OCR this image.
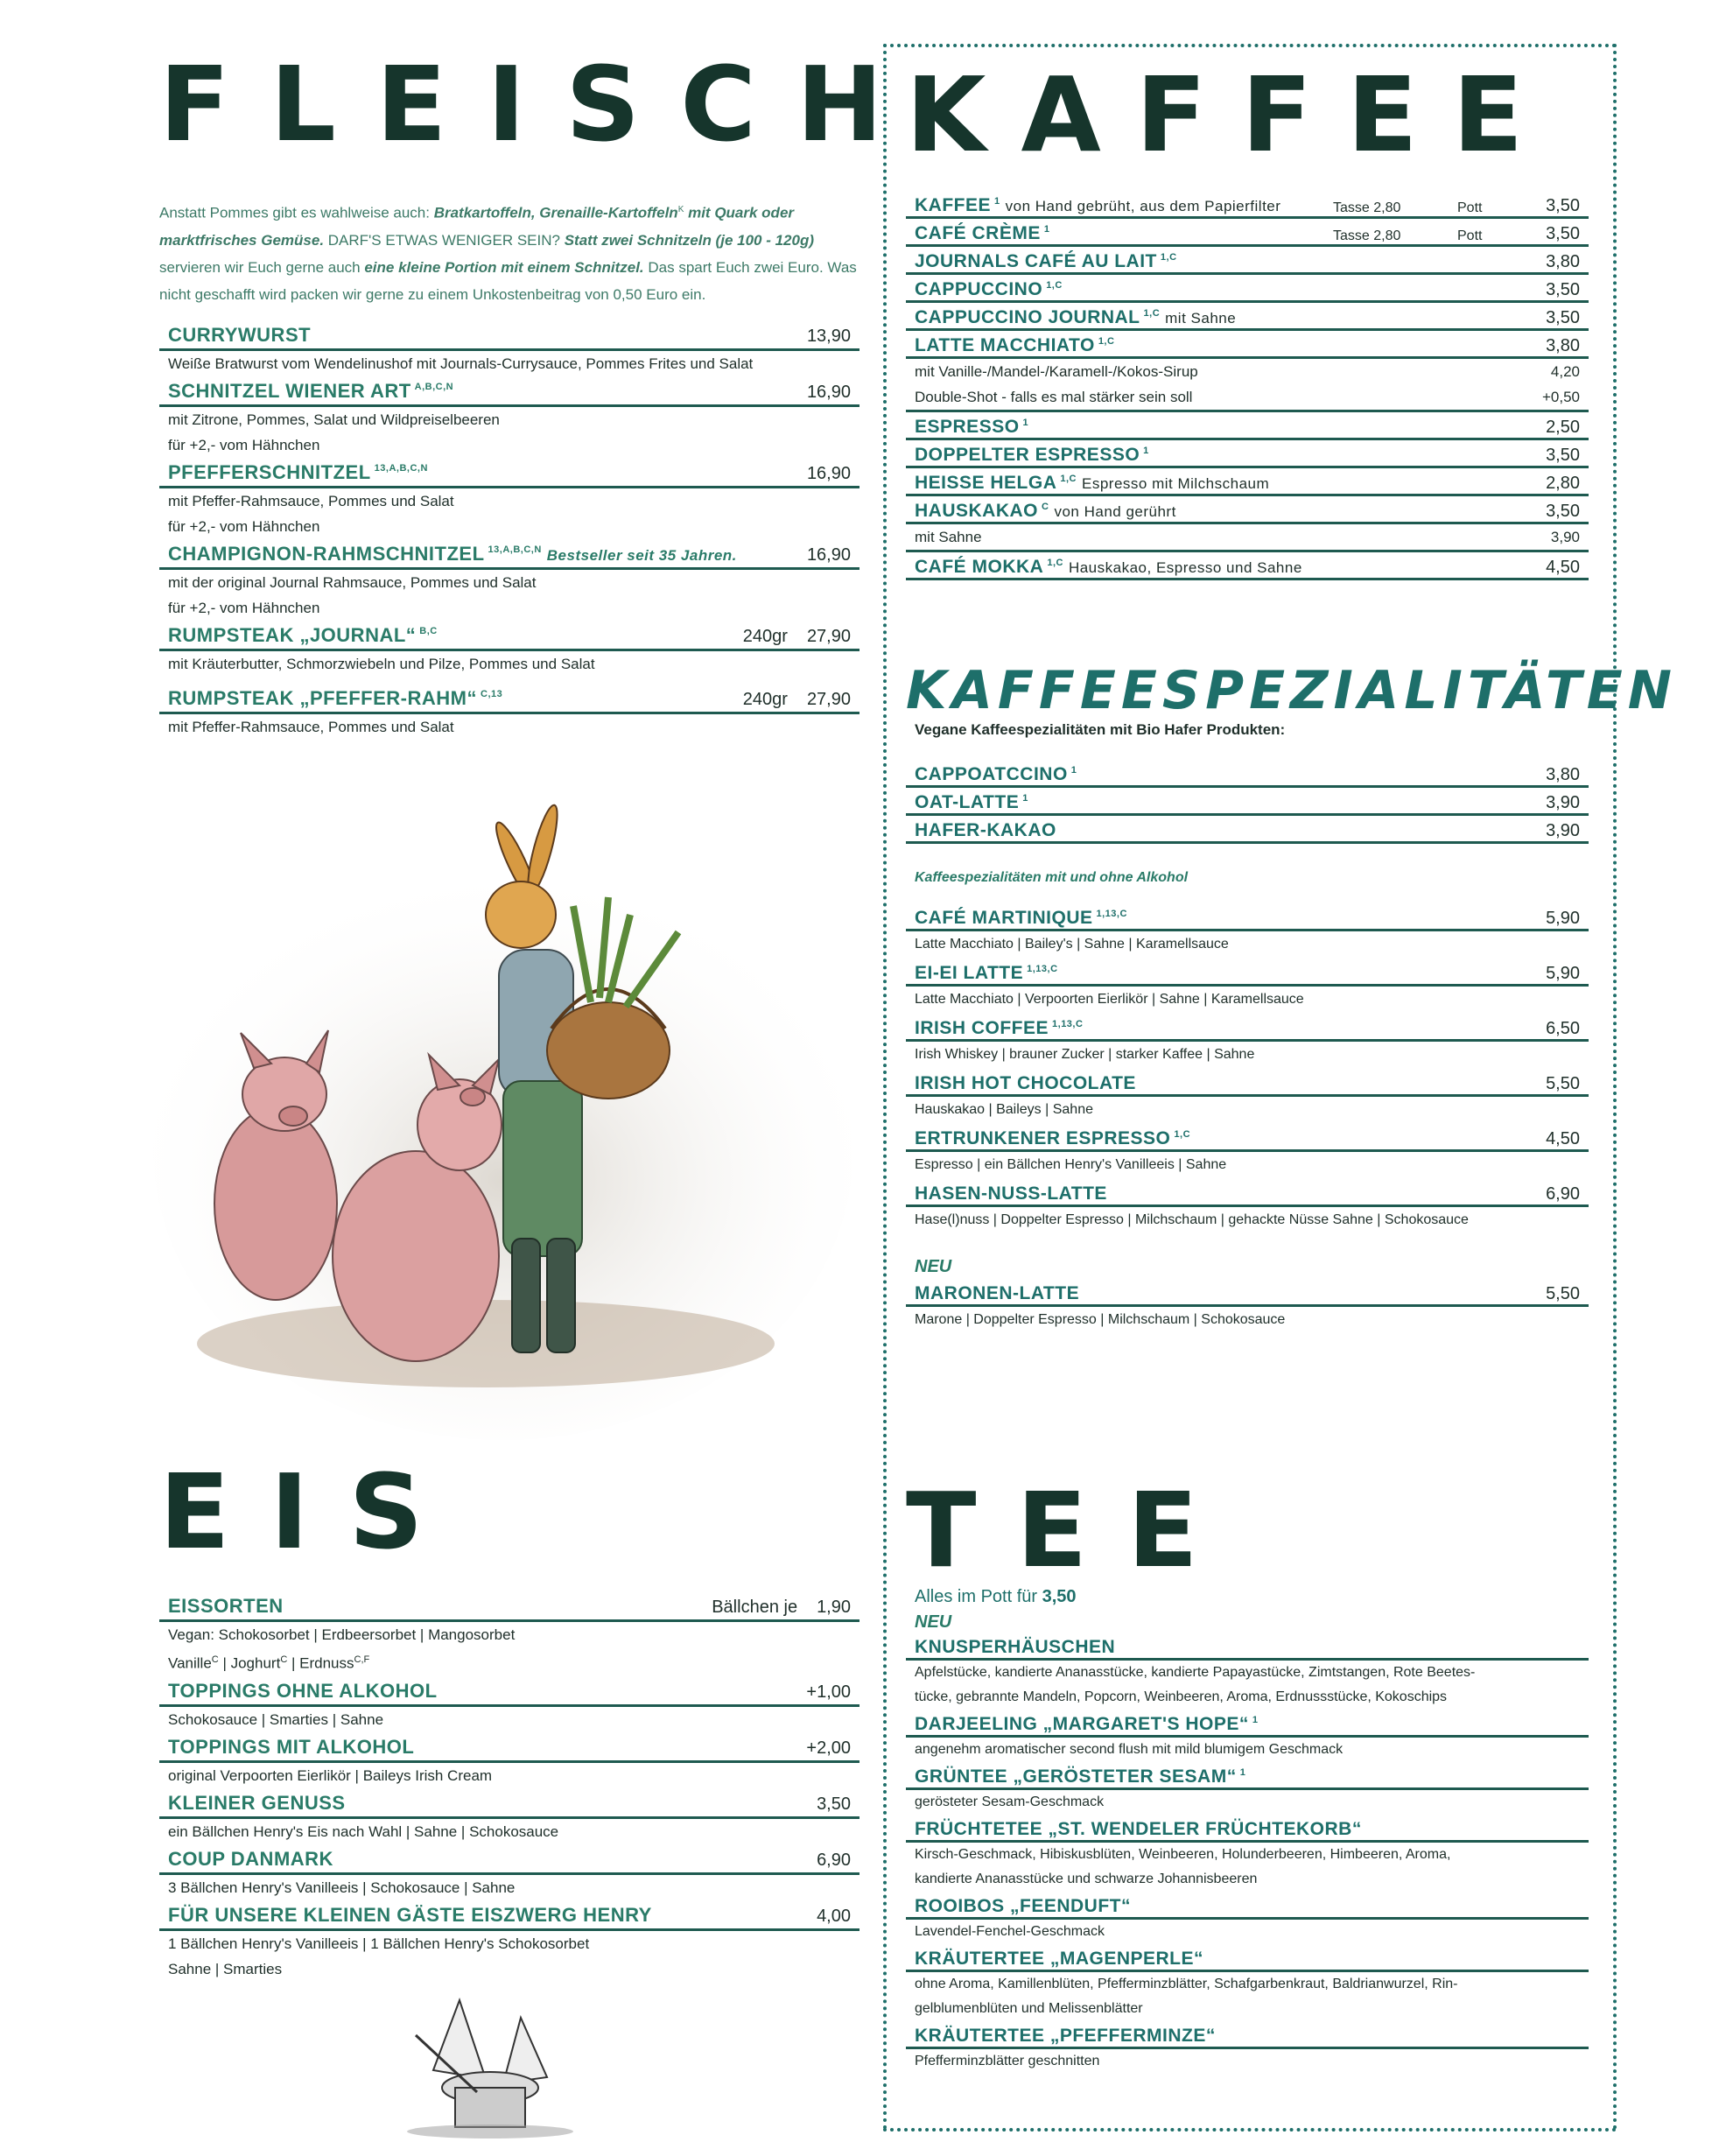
FLEISCH

Anstatt Pommes gibt es wahlweise auch: Bratkartoffeln, Grenaille-Kartoffeln$^K$ mit Quark oder marktfrisches Gemüse. DARF'S ETWAS WENIGER SEIN? Statt zwei Schnitzeln (je 100 - 120g) servieren wir Euch gerne auch eine kleine Portion mit einem Schnitzel. Das spart Euch zwei Euro. Was nicht geschafft wird packen wir gerne zu einem Unkostenbeitrag von 0,50 Euro ein.

CURRYWURST	13,90
Weiße Bratwurst vom Wendelinushof mit Journals-Currysauce, Pommes Frites und Salat
SCHNITZEL WIENER ART $^{A,B,C,N}$	16,90
mit Zitrone, Pommes, Salat und Wildpreiselbeeren
für +2,- vom Hähnchen
PFEFFERSCHNITZEL $^{13,A,B,C,N}$	16,90
mit Pfeffer-Rahmsauce, Pommes und Salat
für +2,- vom Hähnchen
CHAMPIGNON-RAHMSCHNITZEL $^{13,A,B,C,N}$ Bestseller seit 35 Jahren.	16,90
mit der original Journal Rahmsauce, Pommes und Salat
für +2,- vom Hähnchen
RUMPSTEAK „JOURNAL“ $^{B,C}$	240gr 27,90
mit Kräuterbutter, Schmorzwiebeln und Pilze, Pommes und Salat
RUMPSTEAK „PFEFFER-RAHM“ $^{C,13}$	240gr 27,90
mit Pfeffer-Rahmsauce, Pommes und Salat
EIS
EISSORTEN	Bällchen je 1,90
Vegan: Schokosorbet | Erdbeersorbet | Mangosorbet
Vanille$^C$ | Joghurt$^C$ | Erdnuss$^{C,F}$
TOPPINGS OHNE ALKOHOL	+1,00
Schokosauce | Smarties | Sahne
TOPPINGS MIT ALKOHOL	+2,00
original Verpoorten Eierlikör | Baileys Irish Cream
KLEINER GENUSS	3,50
ein Bällchen Henry's Eis nach Wahl | Sahne | Schokosauce
COUP DANMARK	6,90
3 Bällchen Henry's Vanilleeis | Schokosauce | Sahne
FÜR UNSERE KLEINEN GÄSTE EISZWERG HENRY	4,00
1 Bällchen Henry's Vanilleeis | 1 Bällchen Henry's Schokosorbet
Sahne | Smarties
KAFFEE
KAFFEE $^1$ von Hand gebrüht, aus dem Papierfilter	Tasse 2,80	Pott	3,50
CAFÉ CRÈME $^1$	Tasse 2,80	Pott	3,50
JOURNALS CAFÉ AU LAIT $^{1,C}$	3,80
CAPPUCCINO $^{1,C}$	3,50
CAPPUCCINO JOURNAL $^{1,C}$ mit Sahne	3,50
LATTE MACCHIATO $^{1,C}$	3,80
mit Vanille-/Mandel-/Karamell-/Kokos-Sirup	4,20
Double-Shot - falls es mal stärker sein soll	+0,50
ESPRESSO $^1$	2,50
DOPPELTER ESPRESSO $^1$	3,50
HEISSE HELGA $^{1,C}$ Espresso mit Milchschaum	2,80
HAUSKAKAO $^C$ von Hand gerührt	3,50
mit Sahne	3,90
CAFÉ MOKKA $^{1,C}$ Hauskakao, Espresso und Sahne	4,50
KAFFEESPEZIALITÄTEN
Vegane Kaffeespezialitäten mit Bio Hafer Produkten:
CAPPOATCCINO $^1$	3,80
OAT-LATTE $^1$	3,90
HAFER-KAKAO	3,90
Kaffeespezialitäten mit und ohne Alkohol
CAFÉ MARTINIQUE $^{1,13,C}$	5,90
Latte Macchiato | Bailey's | Sahne | Karamellsauce
EI-EI LATTE $^{1,13,C}$	5,90
Latte Macchiato | Verpoorten Eierlikör | Sahne | Karamellsauce
IRISH COFFEE $^{1,13,C}$	6,50
Irish Whiskey | brauner Zucker | starker Kaffee | Sahne
IRISH HOT CHOCOLATE	5,50
Hauskakao | Baileys | Sahne
ERTRUNKENER ESPRESSO $^{1,C}$	4,50
Espresso | ein Bällchen Henry's Vanilleeis | Sahne
HASEN-NUSS-LATTE	6,90
Hase(l)nuss | Doppelter Espresso | Milchschaum | gehackte Nüsse Sahne | Schokosauce
NEU
MARONEN-LATTE	5,50
Marone | Doppelter Espresso | Milchschaum | Schokosauce
TEE
Alles im Pott für 3,50
NEU
KNUSPERHÄUSCHEN
Apfelstücke, kandierte Ananasstücke, kandierte Papayastücke, Zimtstangen, Rote Beetes-
tücke, gebrannte Mandeln, Popcorn, Weinbeeren, Aroma, Erdnussstücke, Kokoschips
DARJEELING „MARGARET'S HOPE“ $^1$
angenehm aromatischer second flush mit mild blumigem Geschmack
GRÜNTEE „GERÖSTETER SESAM“ $^1$
gerösteter Sesam-Geschmack
FRÜCHTETEE „ST. WENDELER FRÜCHTEKORB“
Kirsch-Geschmack, Hibiskusblüten, Weinbeeren, Holunderbeeren, Himbeeren, Aroma,
kandierte Ananasstücke und schwarze Johannisbeeren
ROOIBOS „FEENDUFT“
Lavendel-Fenchel-Geschmack
KRÄUTERTEE „MAGENPERLE“
ohne Aroma, Kamillenblüten, Pfefferminzblätter, Schafgarbenkraut, Baldrianwurzel, Rin-
gelblumenblüten und Melissenblätter
KRÄUTERTEE „PFEFFERMINZE“
Pfefferminzblätter geschnitten
